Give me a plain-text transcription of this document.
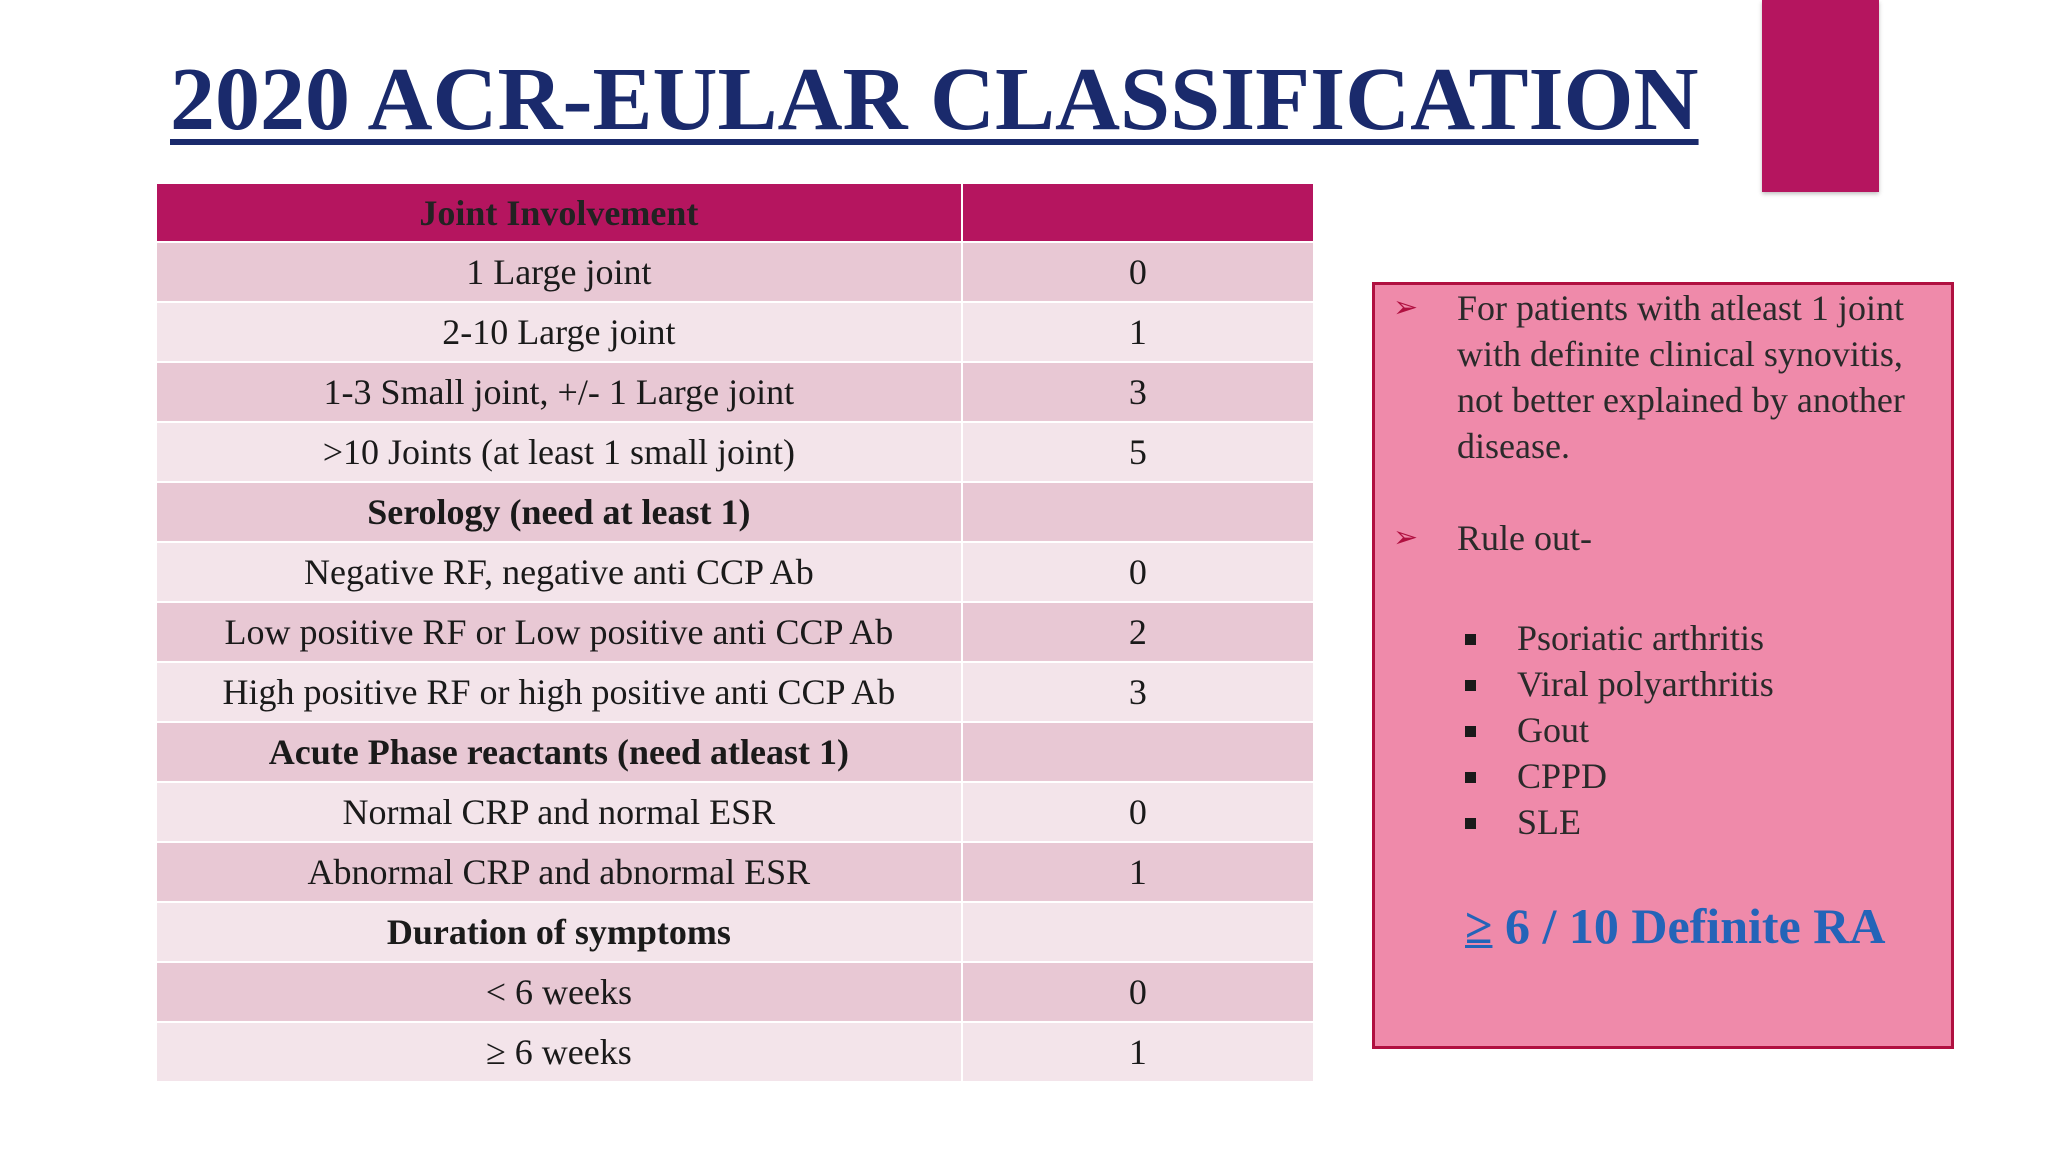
2020 ACR-EULAR CLASSIFICATION
Joint Involvement	
1 Large joint	0
2-10 Large joint	1
1-3 Small joint, +/- 1 Large joint	3
>10 Joints (at least 1 small joint)	5
Serology (need at least 1)	
Negative RF, negative anti CCP Ab	0
Low positive RF or Low positive anti CCP Ab	2
High positive RF or high positive anti CCP Ab	3
Acute Phase reactants (need atleast 1)	
Normal CRP and normal ESR	0
Abnormal CRP and abnormal ESR	1
Duration of symptoms	
< 6 weeks	0
≥ 6 weeks	1
➢ For patients with atleast 1 joint with definite clinical synovitis, not better explained by another disease.
➢ Rule out-
Psoriatic arthritis
Viral polyarthritis
Gout
CPPD
SLE
≥ 6 / 10 Definite RA
